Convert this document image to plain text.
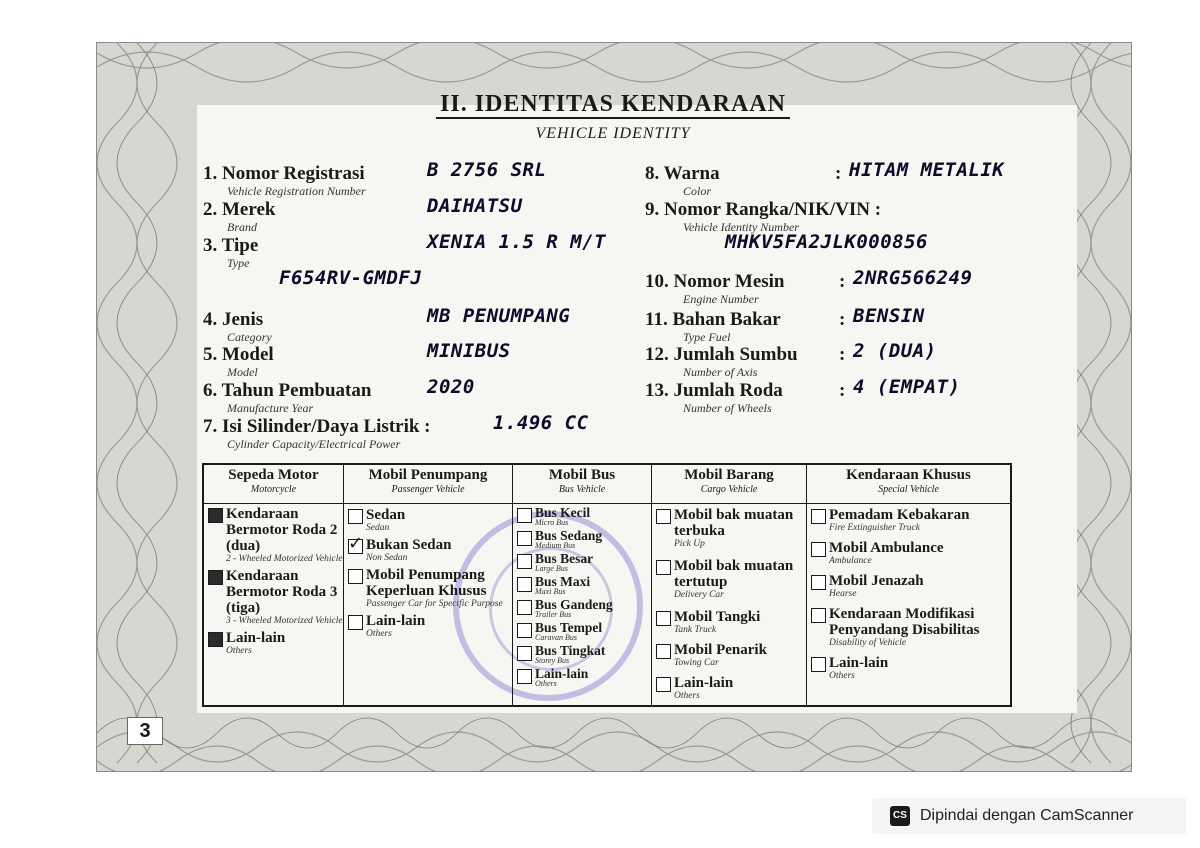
II. IDENTITAS KENDARAAN
VEHICLE IDENTITY
1. Nomor Registrasi
Vehicle Registration Number
B 2756 SRL
2. Merek
Brand
DAIHATSU
3. Tipe
Type
XENIA 1.5 R M/T
F654RV-GMDFJ
4. Jenis
Category
MB PENUMPANG
5. Model
Model
MINIBUS
6. Tahun Pembuatan
Manufacture Year
2020
7. Isi Silinder/Daya Listrik :
Cylinder Capacity/Electrical Power
1.496 CC
8. Warna
Color
: HITAM METALIK
9. Nomor Rangka/NIK/VIN :
Vehicle Identity Number
MHKV5FA2JLK000856
10. Nomor Mesin
Engine Number
: 2NRG566249
11. Bahan Bakar
Type Fuel
: BENSIN
12. Jumlah Sumbu
Number of Axis
: 2 (DUA)
13. Jumlah Roda
Number of Wheels
: 4 (EMPAT)
Sepeda Motor
Motorcycle
Kendaraan Bermotor Roda 2 (dua)
2 - Wheeled Motorized Vehicle
Kendaraan Bermotor Roda 3 (tiga)
3 - Wheeled Motorized Vehicle
Lain-lain
Others
Mobil Penumpang
Passenger Vehicle
Sedan
Sedan
✓
Bukan Sedan
Non Sedan
Mobil Penumpang Keperluan Khusus
Passenger Car for Specific Purpose
Lain-lain
Others
Mobil Bus
Bus Vehicle
Bus Kecil
Micro Bus
Bus Sedang
Medium Bus
Bus Besar
Large Bus
Bus Maxi
Maxi Bus
Bus Gandeng
Trailer Bus
Bus Tempel
Caravan Bus
Bus Tingkat
Storey Bus
Lain-lain
Others
Mobil Barang
Cargo Vehicle
Mobil bak muatan terbuka
Pick Up
Mobil bak muatan tertutup
Delivery Car
Mobil Tangki
Tank Truck
Mobil Penarik
Towing Car
Lain-lain
Others
Kendaraan Khusus
Special Vehicle
Pemadam Kebakaran
Fire Extinguisher Truck
Mobil Ambulance
Ambulance
Mobil Jenazah
Hearse
Kendaraan Modifikasi Penyandang Disabilitas
Disability of Vehicle
Lain-lain
Others
3
CS Dipindai dengan CamScanner
